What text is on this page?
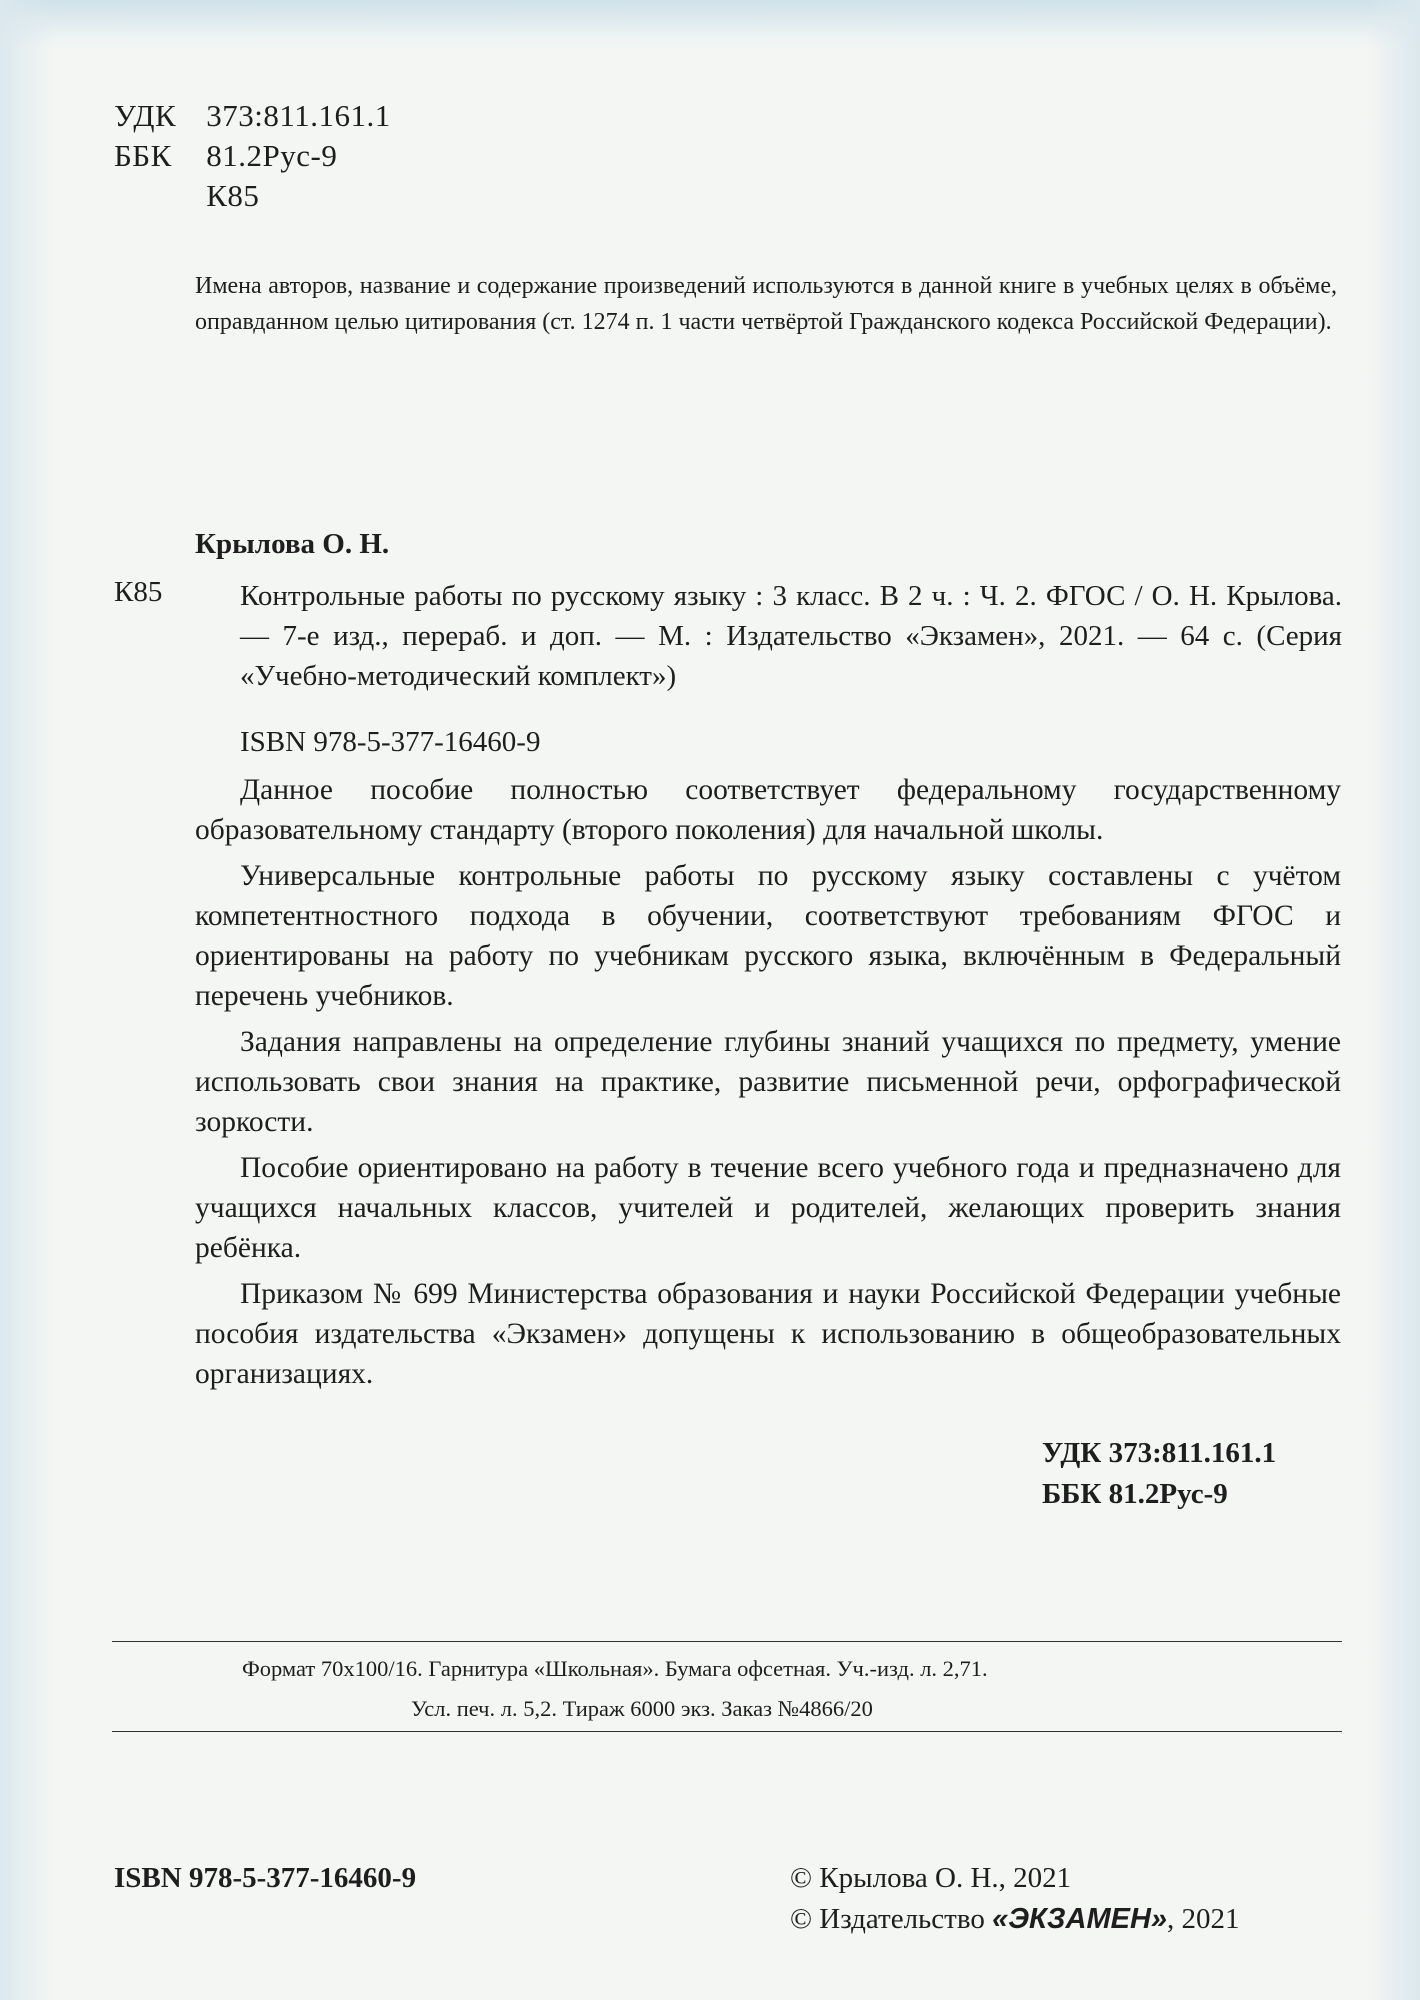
УДК 373:811.161.1
ББК 81.2Рус-9
К85
Имена авторов, название и содержание произведений используются в данной книге в учебных целях в объёме, оправданном целью цитирования (ст. 1274 п. 1 части четвёртой Гражданского кодекса Российской Федерации).
Крылова О. Н.
К85	Контрольные работы по русскому языку : 3 класс. В 2 ч. : Ч. 2. ФГОС / О. Н. Крылова. — 7-е изд., перераб. и доп. — М. : Издательство «Экзамен», 2021. — 64 с. (Серия «Учебно-методический комплект»)
ISBN 978-5-377-16460-9

Данное пособие полностью соответствует федеральному государственному образовательному стандарту (второго поколения) для начальной школы.

Универсальные контрольные работы по русскому языку составлены с учётом компетентностного подхода в обучении, соответствуют требованиям ФГОС и ориентированы на работу по учебникам русского языка, включённым в Федеральный перечень учебников.

Задания направлены на определение глубины знаний учащихся по предмету, умение использовать свои знания на практике, развитие письменной речи, орфографической зоркости.

Пособие ориентировано на работу в течение всего учебного года и предназначено для учащихся начальных классов, учителей и родителей, желающих проверить знания ребёнка.

Приказом № 699 Министерства образования и науки Российской Федерации учебные пособия издательства «Экзамен» допущены к использованию в общеобразовательных организациях.

УДК 373:811.161.1
ББК 81.2Рус-9
Формат 70х100/16. Гарнитура «Школьная». Бумага офсетная. Уч.-изд. л. 2,71.
Усл. печ. л. 5,2. Тираж 6000 экз. Заказ №4866/20
ISBN 978-5-377-16460-9	© Крылова О. Н., 2021
© Издательство «ЭКЗАМЕН», 2021
